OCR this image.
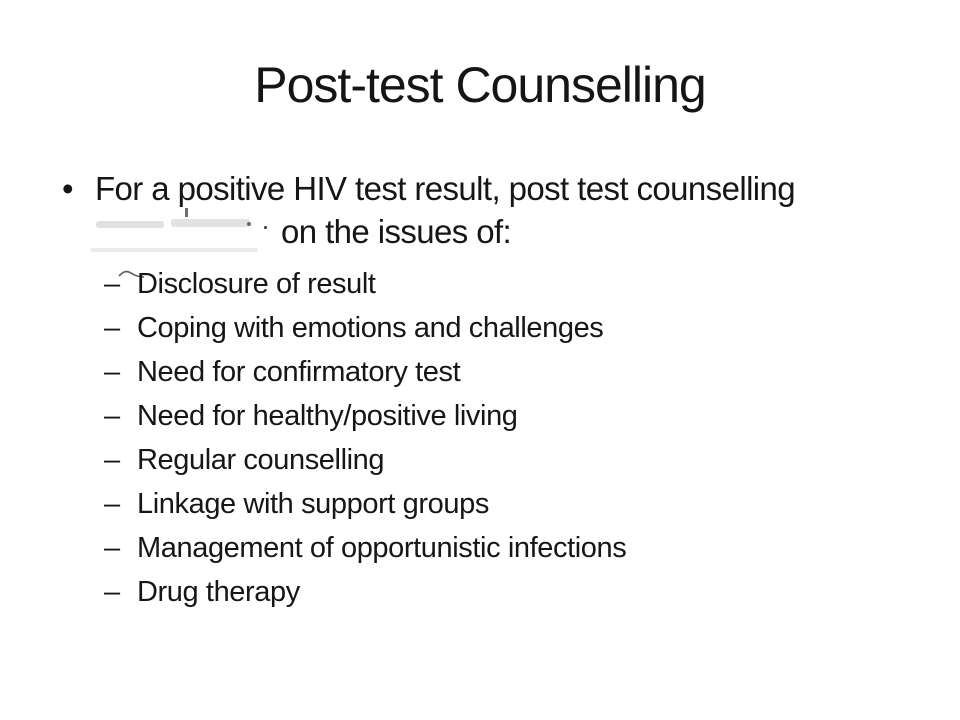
Post-test Counselling
• For a positive HIV test result, post test counselling
on the issues of:
– Disclosure of result
– Coping with emotions and challenges
– Need for confirmatory test
– Need for healthy/positive living
– Regular counselling
– Linkage with support groups
– Management of opportunistic infections
– Drug therapy
